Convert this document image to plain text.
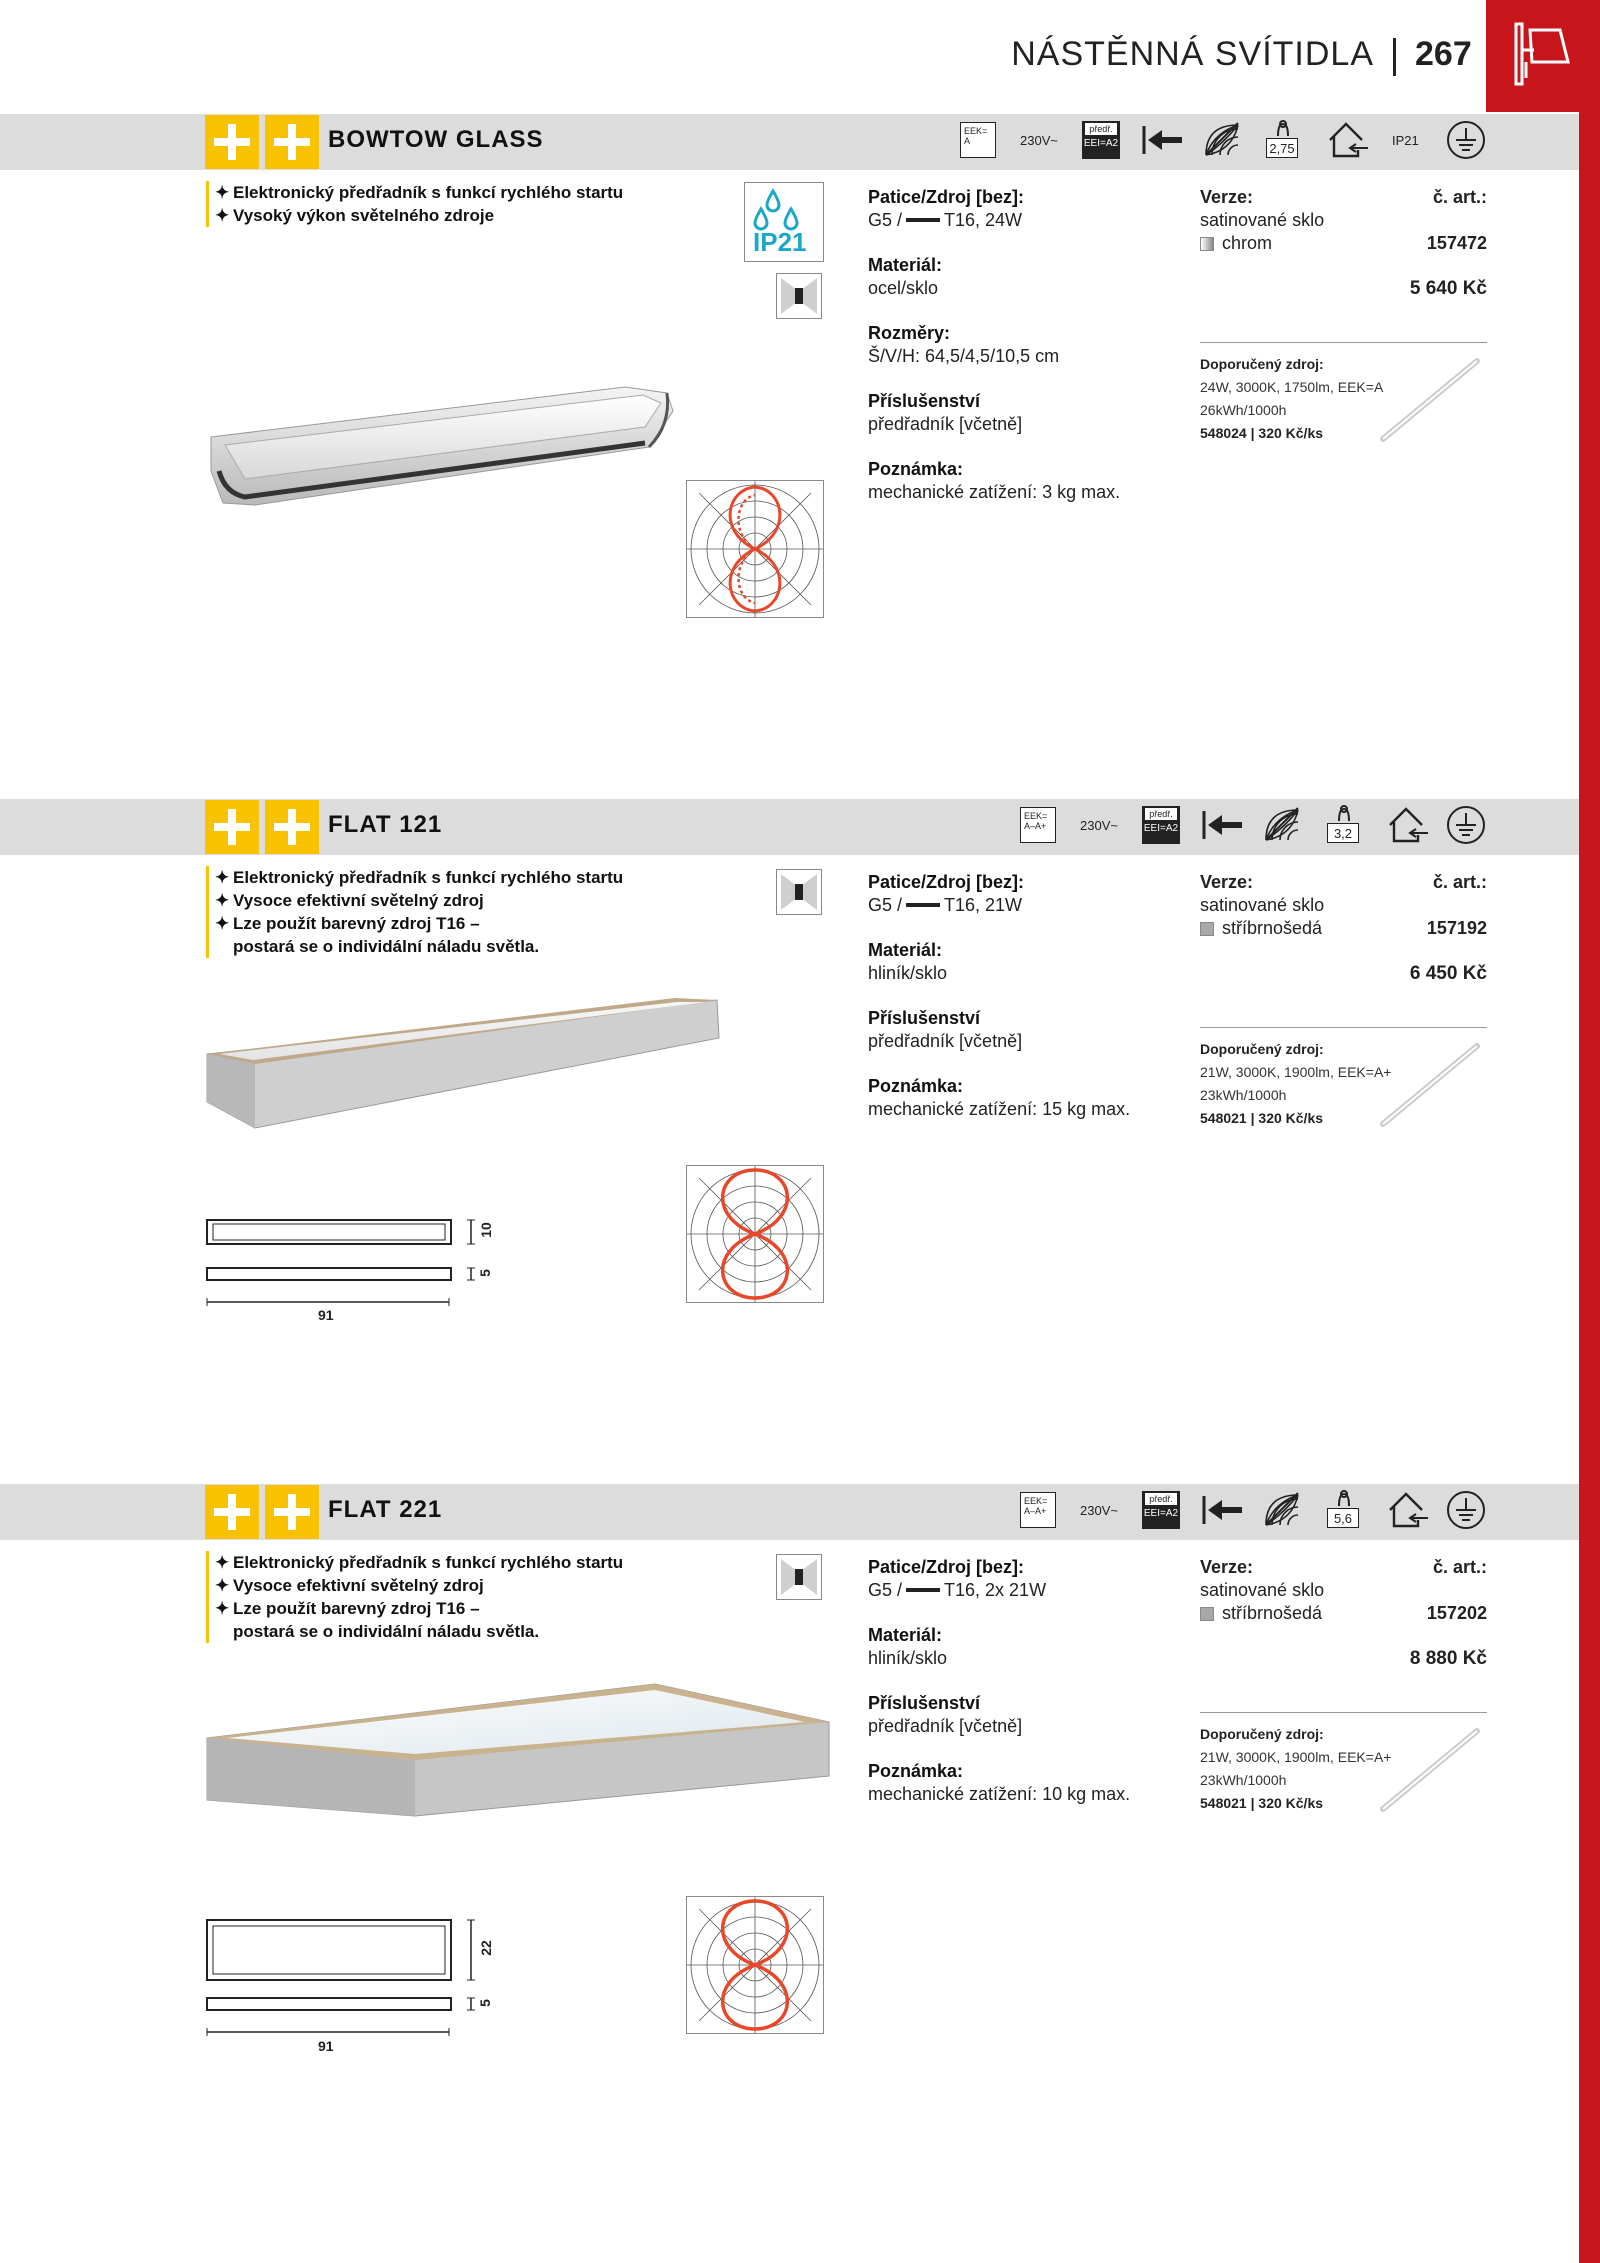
NÁSTĚNNÁ SVÍTIDLA 267
BOWTOW GLASS	EEK= A	230V~
předř.
EEI=A2	2,75
IP21
✦ Elektronický předřadník s funkcí rychlého startu
✦ Vysoký výkon světelného zdroje
IP21
Patice/Zdroj [bez]:
G5 / T16, 24W
Materiál:
ocel/sklo
Rozměry:
Š/V/H: 64,5/4,5/10,5 cm
Příslušenství
předřadník [včetně]
Poznámka:
mechanické zatížení: 3 kg max.
Verze:	č. art.:
satinované sklo
chrom	157472
5 640 Kč
Doporučený zdroj:
24W, 3000K, 1750lm, EEK=A
26kWh/1000h
548024 | 320 Kč/ks
FLAT 121	EEK= A–A+	230V~
předř.
EEI=A2	3,2
✦ Elektronický předřadník s funkcí rychlého startu
✦ Vysoce efektivní světelný zdroj
✦ Lze použít barevný zdroj T16 –
postará se o individální náladu světla.
10
5
91
Patice/Zdroj [bez]:
G5 / T16, 21W
Materiál:
hliník/sklo
Příslušenství
předřadník [včetně]
Poznámka:
mechanické zatížení: 15 kg max.
Verze:	č. art.:
satinované sklo
stříbrnošedá	157192
6 450 Kč
Doporučený zdroj:
21W, 3000K, 1900lm, EEK=A+
23kWh/1000h
548021 | 320 Kč/ks
FLAT 221	EEK= A–A+	230V~
předř.
EEI=A2	5,6
✦ Elektronický předřadník s funkcí rychlého startu
✦ Vysoce efektivní světelný zdroj
✦ Lze použít barevný zdroj T16 –
postará se o individální náladu světla.
22
5
91
Patice/Zdroj [bez]:
G5 / T16, 2x 21W
Materiál:
hliník/sklo
Příslušenství
předřadník [včetně]
Poznámka:
mechanické zatížení: 10 kg max.
Verze:	č. art.:
satinované sklo
stříbrnošedá	157202
8 880 Kč
Doporučený zdroj:
21W, 3000K, 1900lm, EEK=A+
23kWh/1000h
548021 | 320 Kč/ks
